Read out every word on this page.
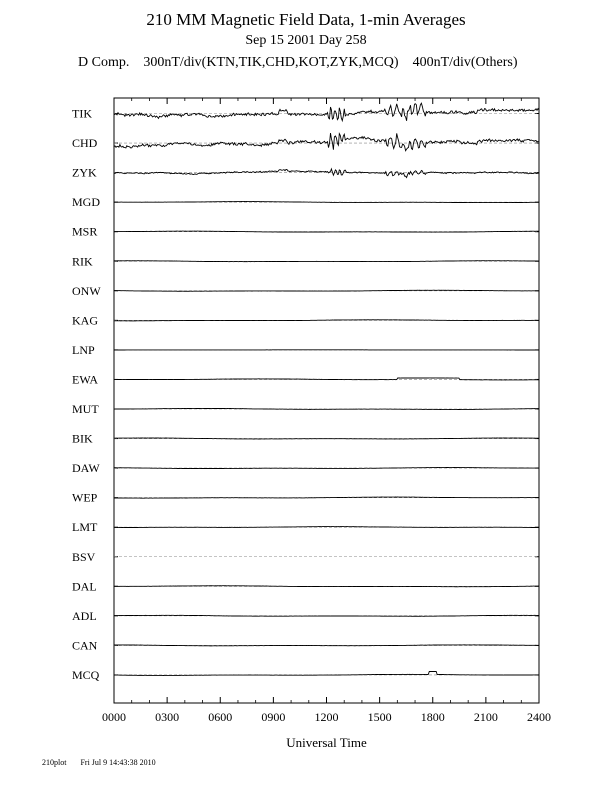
210 MM Magnetic Field Data, 1-min Averages
Sep 15 2001 Day 258
D Comp. 300nT/div(KTN,TIK,CHD,KOT,ZYK,MCQ) 400nT/div(Others)
0000 0300 0600 0900 1200 1500 1800 2100 2400
Universal Time
TIK
CHD
ZYK
MGD
MSR
RIK
ONW
KAG
LNP
EWA
MUT
BIK
DAW
WEP
LMT
BSV
DAL
ADL
CAN
MCQ
210plot Fri Jul 9 14:43:38 2010
